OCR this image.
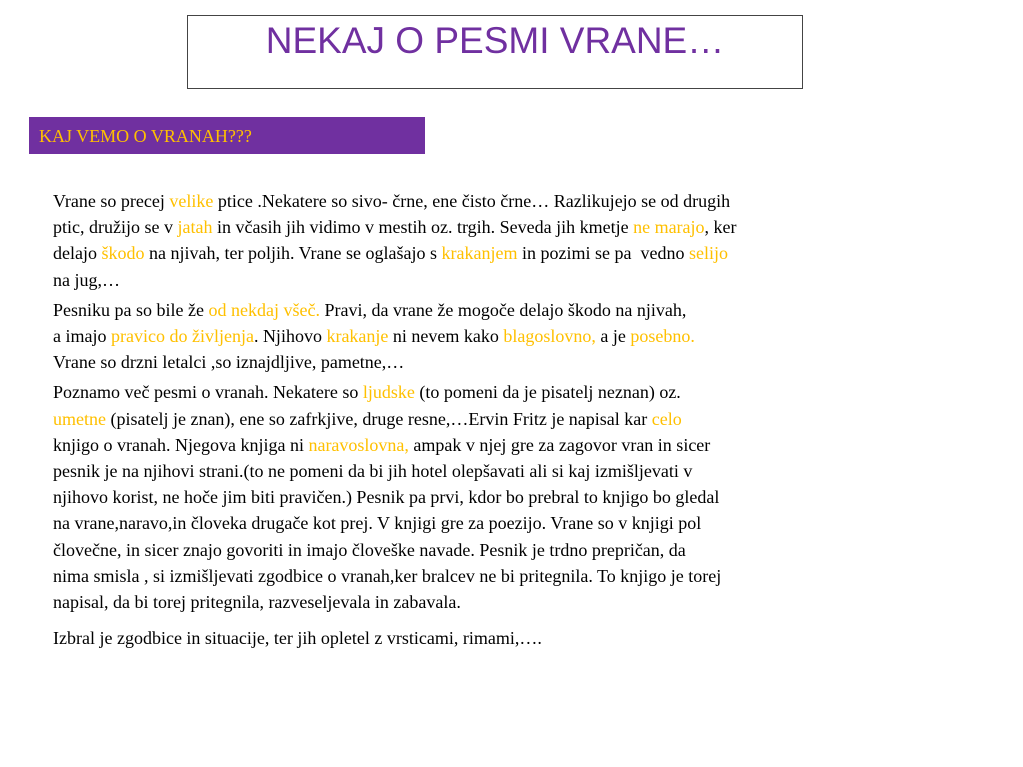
NEKAJ O PESMI VRANE…
KAJ VEMO O VRANAH???
Vrane so precej velike ptice .Nekatere so sivo- črne, ene čisto črne… Razlikujejo se od drugih
ptic, družijo se v jatah in včasih jih vidimo v mestih oz. trgih. Seveda jih kmetje ne marajo, ker
delajo škodo na njivah, ter poljih. Vrane se oglašajo s krakanjem in pozimi se pa  vedno selijo
na jug,…
Pesniku pa so bile že od nekdaj všeč. Pravi, da vrane že mogoče delajo škodo na njivah,
a imajo pravico do življenja. Njihovo krakanje ni nevem kako blagoslovno, a je posebno.
Vrane so drzni letalci ,so iznajdljive, pametne,…
Poznamo več pesmi o vranah. Nekatere so ljudske (to pomeni da je pisatelj neznan) oz.
umetne (pisatelj je znan), ene so zafrkjive, druge resne,…Ervin Fritz je napisal kar celo
knjigo o vranah. Njegova knjiga ni naravoslovna, ampak v njej gre za zagovor vran in sicer
pesnik je na njihovi strani.(to ne pomeni da bi jih hotel olepšavati ali si kaj izmišljevati v
njihovo korist, ne hoče jim biti pravičen.) Pesnik pa prvi, kdor bo prebral to knjigo bo gledal
na vrane,naravo,in človeka drugače kot prej. V knjigi gre za poezijo. Vrane so v knjigi pol
človečne, in sicer znajo govoriti in imajo človeške navade. Pesnik je trdno prepričan, da
nima smisla , si izmišljevati zgodbice o vranah,ker bralcev ne bi pritegnila. To knjigo je torej
napisal, da bi torej pritegnila, razveseljevala in zabavala.
Izbral je zgodbice in situacije, ter jih opletel z vrsticami, rimami,….
